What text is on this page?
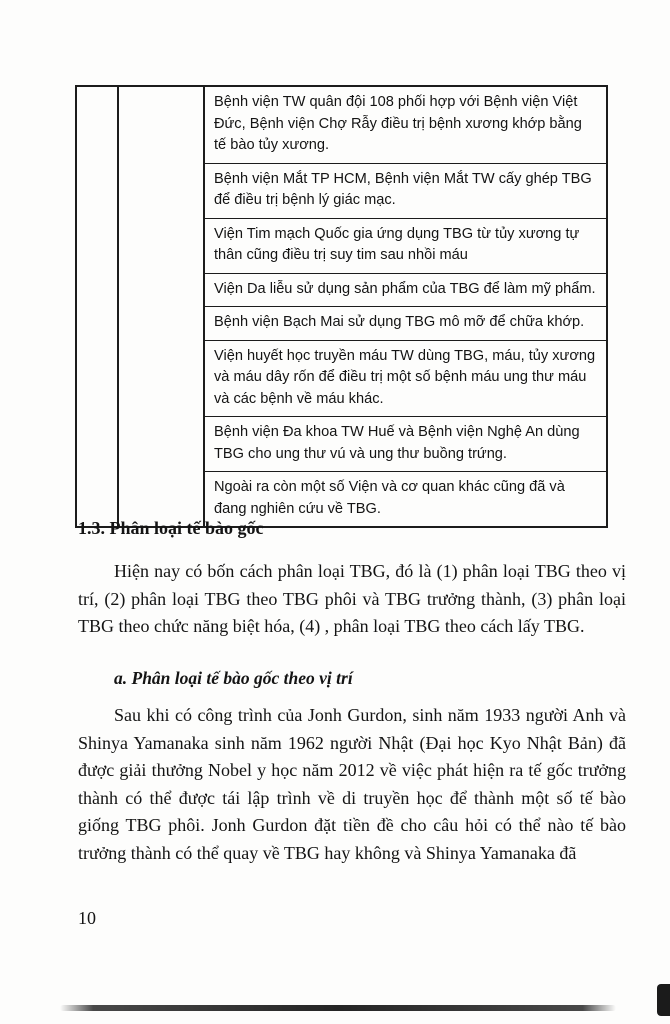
Bệnh viện TW quân đội 108 phối hợp với Bệnh viện Việt Đức, Bệnh viện Chợ Rẫy điều trị bệnh xương khớp bằng tế bào tủy xương.
Bệnh viện Mắt TP HCM, Bệnh viện Mắt TW cấy ghép TBG để điều trị bệnh lý giác mạc.
Viện Tim mạch Quốc gia ứng dụng TBG từ tủy xương tự thân cũng điều trị suy tim sau nhồi máu
Viện Da liễu sử dụng sản phẩm của TBG để làm mỹ phẩm.
Bệnh viện Bạch Mai sử dụng TBG mô mỡ để chữa khớp.
Viện huyết học truyền máu TW dùng TBG, máu, tủy xương và máu dây rốn để điều trị một số bệnh máu ung thư máu và các bệnh về máu khác.
Bệnh viện Đa khoa TW Huế và Bệnh viện Nghệ An dùng TBG cho ung thư vú và ung thư buồng trứng.
Ngoài ra còn một số Viện và cơ quan khác cũng đã và đang nghiên cứu về TBG.
1.3. Phân loại tế bào gốc

Hiện nay có bốn cách phân loại TBG, đó là (1) phân loại TBG theo vị trí, (2) phân loại TBG theo TBG phôi và TBG trưởng thành, (3) phân loại TBG theo chức năng biệt hóa, (4) , phân loại TBG theo cách lấy TBG.

a. Phân loại tế bào gốc theo vị trí

Sau khi có công trình của Jonh Gurdon, sinh năm 1933 người Anh và Shinya Yamanaka sinh năm 1962 người Nhật (Đại học Kyo Nhật Bản) đã được giải thưởng Nobel y học năm 2012 về việc phát hiện ra tế gốc trưởng thành có thể được tái lập trình về di truyền học để thành một số tế bào giống TBG phôi. Jonh Gurdon đặt tiền đề cho câu hỏi có thể nào tế bào trưởng thành có thể quay về TBG hay không và Shinya Yamanaka đã

10
